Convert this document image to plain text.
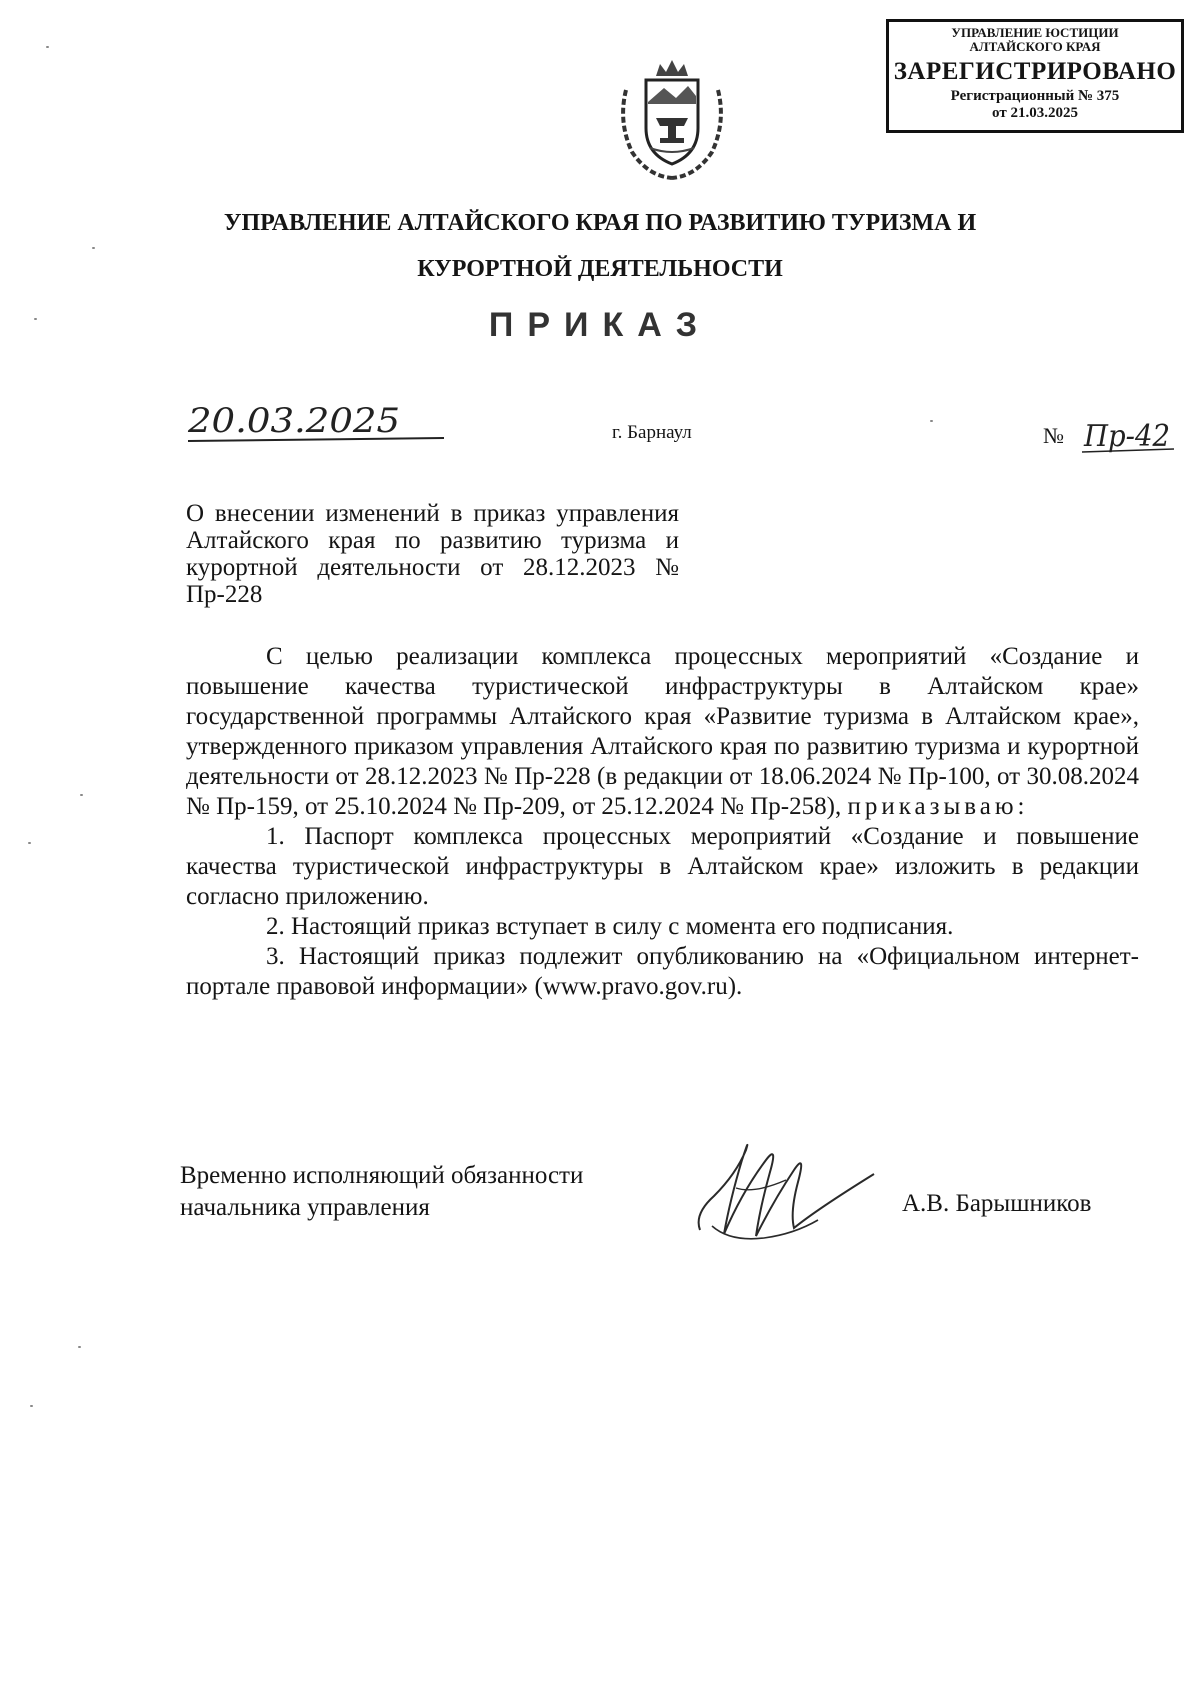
УПРАВЛЕНИЕ ЮСТИЦИИ
АЛТАЙСКОГО КРАЯ
ЗАРЕГИСТРИРОВАНО
Регистрационный № 375
от 21.03.2025
УПРАВЛЕНИЕ АЛТАЙСКОГО КРАЯ ПО РАЗВИТИЮ ТУРИЗМА И
КУРОРТНОЙ ДЕЯТЕЛЬНОСТИ
ПРИКАЗ
20.03.2025	г. Барнаул	№ Пр-42
О внесении изменений в приказ управления Алтайского края по развитию туризма и курортной деятельности от 28.12.2023 № Пр-228

С целью реализации комплекса процессных мероприятий «Создание и повышение качества туристической инфраструктуры в Алтайском крае» государственной программы Алтайского края «Развитие туризма в Алтайском крае», утвержденного приказом управления Алтайского края по развитию туризма и курортной деятельности от 28.12.2023 № Пр-228 (в редакции от 18.06.2024 № Пр-100, от 30.08.2024 № Пр-159, от 25.10.2024 № Пр-209, от 25.12.2024 № Пр-258), приказываю:

1. Паспорт комплекса процессных мероприятий «Создание и повышение качества туристической инфраструктуры в Алтайском крае» изложить в редакции согласно приложению.

2. Настоящий приказ вступает в силу с момента его подписания.

3. Настоящий приказ подлежит опубликованию на «Официальном интернет-портале правовой информации» (www.pravo.gov.ru).

Временно исполняющий обязанности
начальника управления	А.В. Барышников
